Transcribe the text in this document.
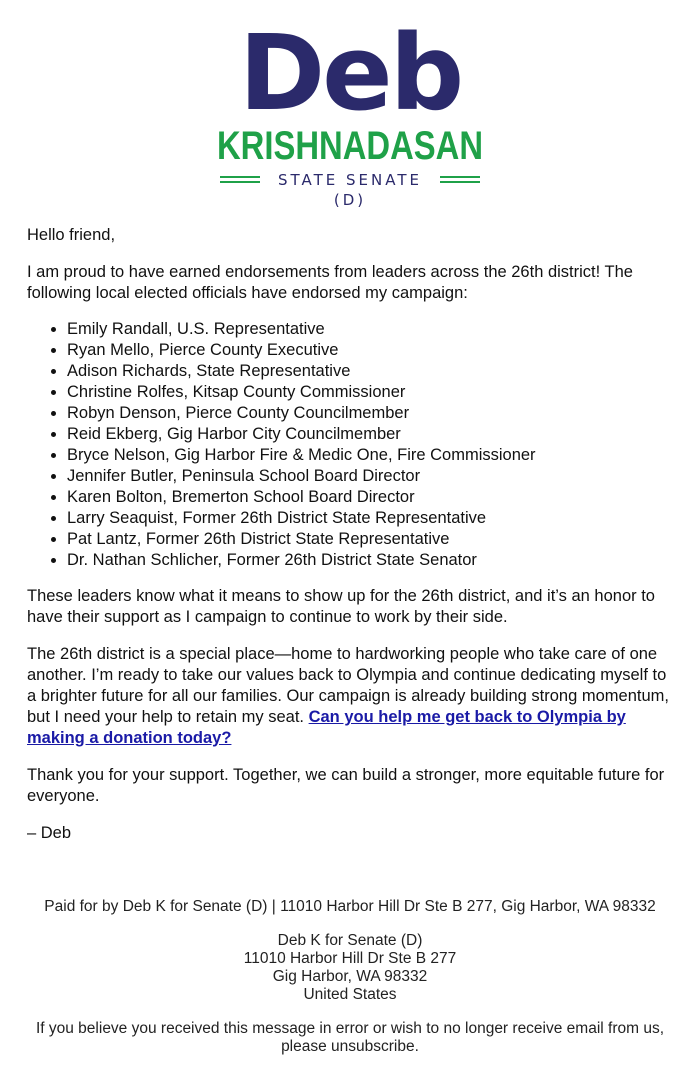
Deb
KRISHNADASAN
STATE SENATE (D)

Hello friend,

I am proud to have earned endorsements from leaders across the 26th district! The following local elected officials have endorsed my campaign:

• Emily Randall, U.S. Representative
• Ryan Mello, Pierce County Executive
• Adison Richards, State Representative
• Christine Rolfes, Kitsap County Commissioner
• Robyn Denson, Pierce County Councilmember
• Reid Ekberg, Gig Harbor City Councilmember
• Bryce Nelson, Gig Harbor Fire & Medic One, Fire Commissioner
• Jennifer Butler, Peninsula School Board Director
• Karen Bolton, Bremerton School Board Director
• Larry Seaquist, Former 26th District State Representative
• Pat Lantz, Former 26th District State Representative
• Dr. Nathan Schlicher, Former 26th District State Senator

These leaders know what it means to show up for the 26th district, and it’s an honor to have their support as I campaign to continue to work by their side.

The 26th district is a special place—home to hardworking people who take care of one another. I’m ready to take our values back to Olympia and continue dedicating myself to a brighter future for all our families. Our campaign is already building strong momentum, but I need your help to retain my seat. Can you help me get back to Olympia by making a donation today?

Thank you for your support. Together, we can build a stronger, more equitable future for everyone.

– Deb

Paid for by Deb K for Senate (D) | 11010 Harbor Hill Dr Ste B 277, Gig Harbor, WA 98332
Deb K for Senate (D)
11010 Harbor Hill Dr Ste B 277
Gig Harbor, WA 98332
United States
If you believe you received this message in error or wish to no longer receive email from us, please unsubscribe.
